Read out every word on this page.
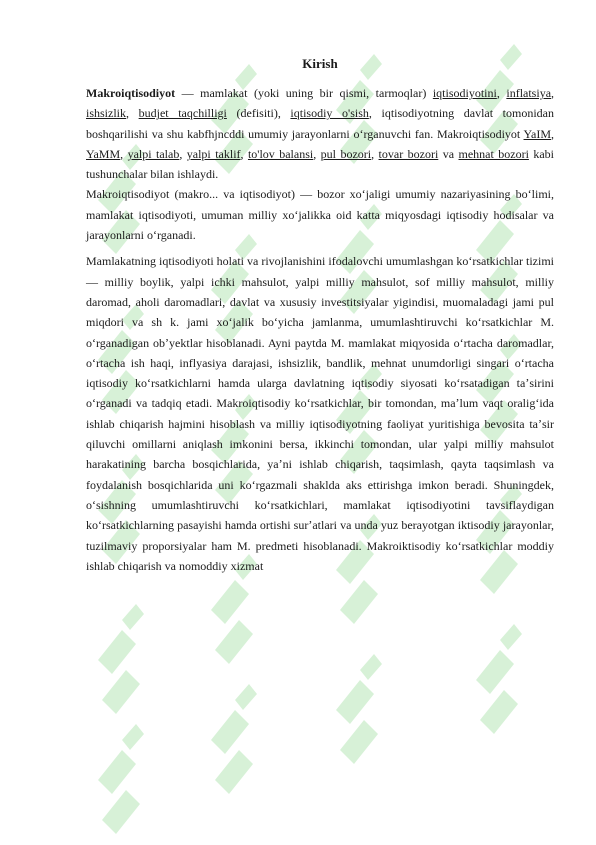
Kirish

Makroiqtisodiyot — mamlakat (yoki uning bir qismi, tarmoqlar) iqtisodiyotini, inflatsiya, ishsizlik, budjet taqchilligi (defisiti), iqtisodiy o'sish, iqtisodiyotning davlat tomonidan boshqarilishi va shu kabfhjncddi umumiy jarayonlarni oʻrganuvchi fan. Makroiqtisodiyot YaIM, YaMM, yalpi talab, yalpi taklif, to'lov balansi, pul bozori, tovar bozori va mehnat bozori kabi tushunchalar bilan ishlaydi.

Makroiqtisodiyot (makro... va iqtisodiyot) — bozor xoʻjaligi umumiy nazariyasining boʻlimi, mamlakat iqtisodiyoti, umuman milliy xoʻjalikka oid katta miqyosdagi iqtisodiy hodisalar va jarayonlarni oʻrganadi.

Mamlakatning iqtisodiyoti holati va rivojlanishini ifodalovchi umumlashgan koʻrsatkichlar tizimi — milliy boylik, yalpi ichki mahsulot, yalpi milliy mahsulot, sof milliy mahsulot, milliy daromad, aholi daromadlari, davlat va xususiy investitsiyalar yigindisi, muomaladagi jami pul miqdori va sh k. jami xoʻjalik boʻyicha jamlanma, umumlashtiruvchi koʻrsatkichlar M. oʻrganadigan obʼyektlar hisoblanadi. Ayni paytda M. mamlakat miqyosida oʻrtacha daromadlar, oʻrtacha ish haqi, inflyasiya darajasi, ishsizlik, bandlik, mehnat unumdorligi singari oʻrtacha iqtisodiy koʻrsatkichlarni hamda ularga davlatning iqtisodiy siyosati koʻrsatadigan taʼsirini oʻrganadi va tadqiq etadi. Makroiqtisodiy koʻrsatkichlar, bir tomondan, maʼlum vaqt oraligʻida ishlab chiqarish hajmini hisoblash va milliy iqtisodiyotning faoliyat yuritishiga bevosita taʼsir qiluvchi omillarni aniqlash imkonini bersa, ikkinchi tomondan, ular yalpi milliy mahsulot harakatining barcha bosqichlarida, yaʼni ishlab chiqarish, taqsimlash, qayta taqsimlash va foydalanish bosqichlarida uni koʻrgazmali shaklda aks ettirishga imkon beradi. Shuningdek, oʻsishning umumlashtiruvchi koʻrsatkichlari, mamlakat iqtisodiyotini tavsiflaydigan koʻrsatkichlarning pasayishi hamda ortishi surʼatlari va unda yuz berayotgan iktisodiy jarayonlar, tuzilmaviy proporsiyalar ham M. predmeti hisoblanadi. Makroiktisodiy koʻrsatkichlar moddiy ishlab chiqarish va nomoddiy xizmat
